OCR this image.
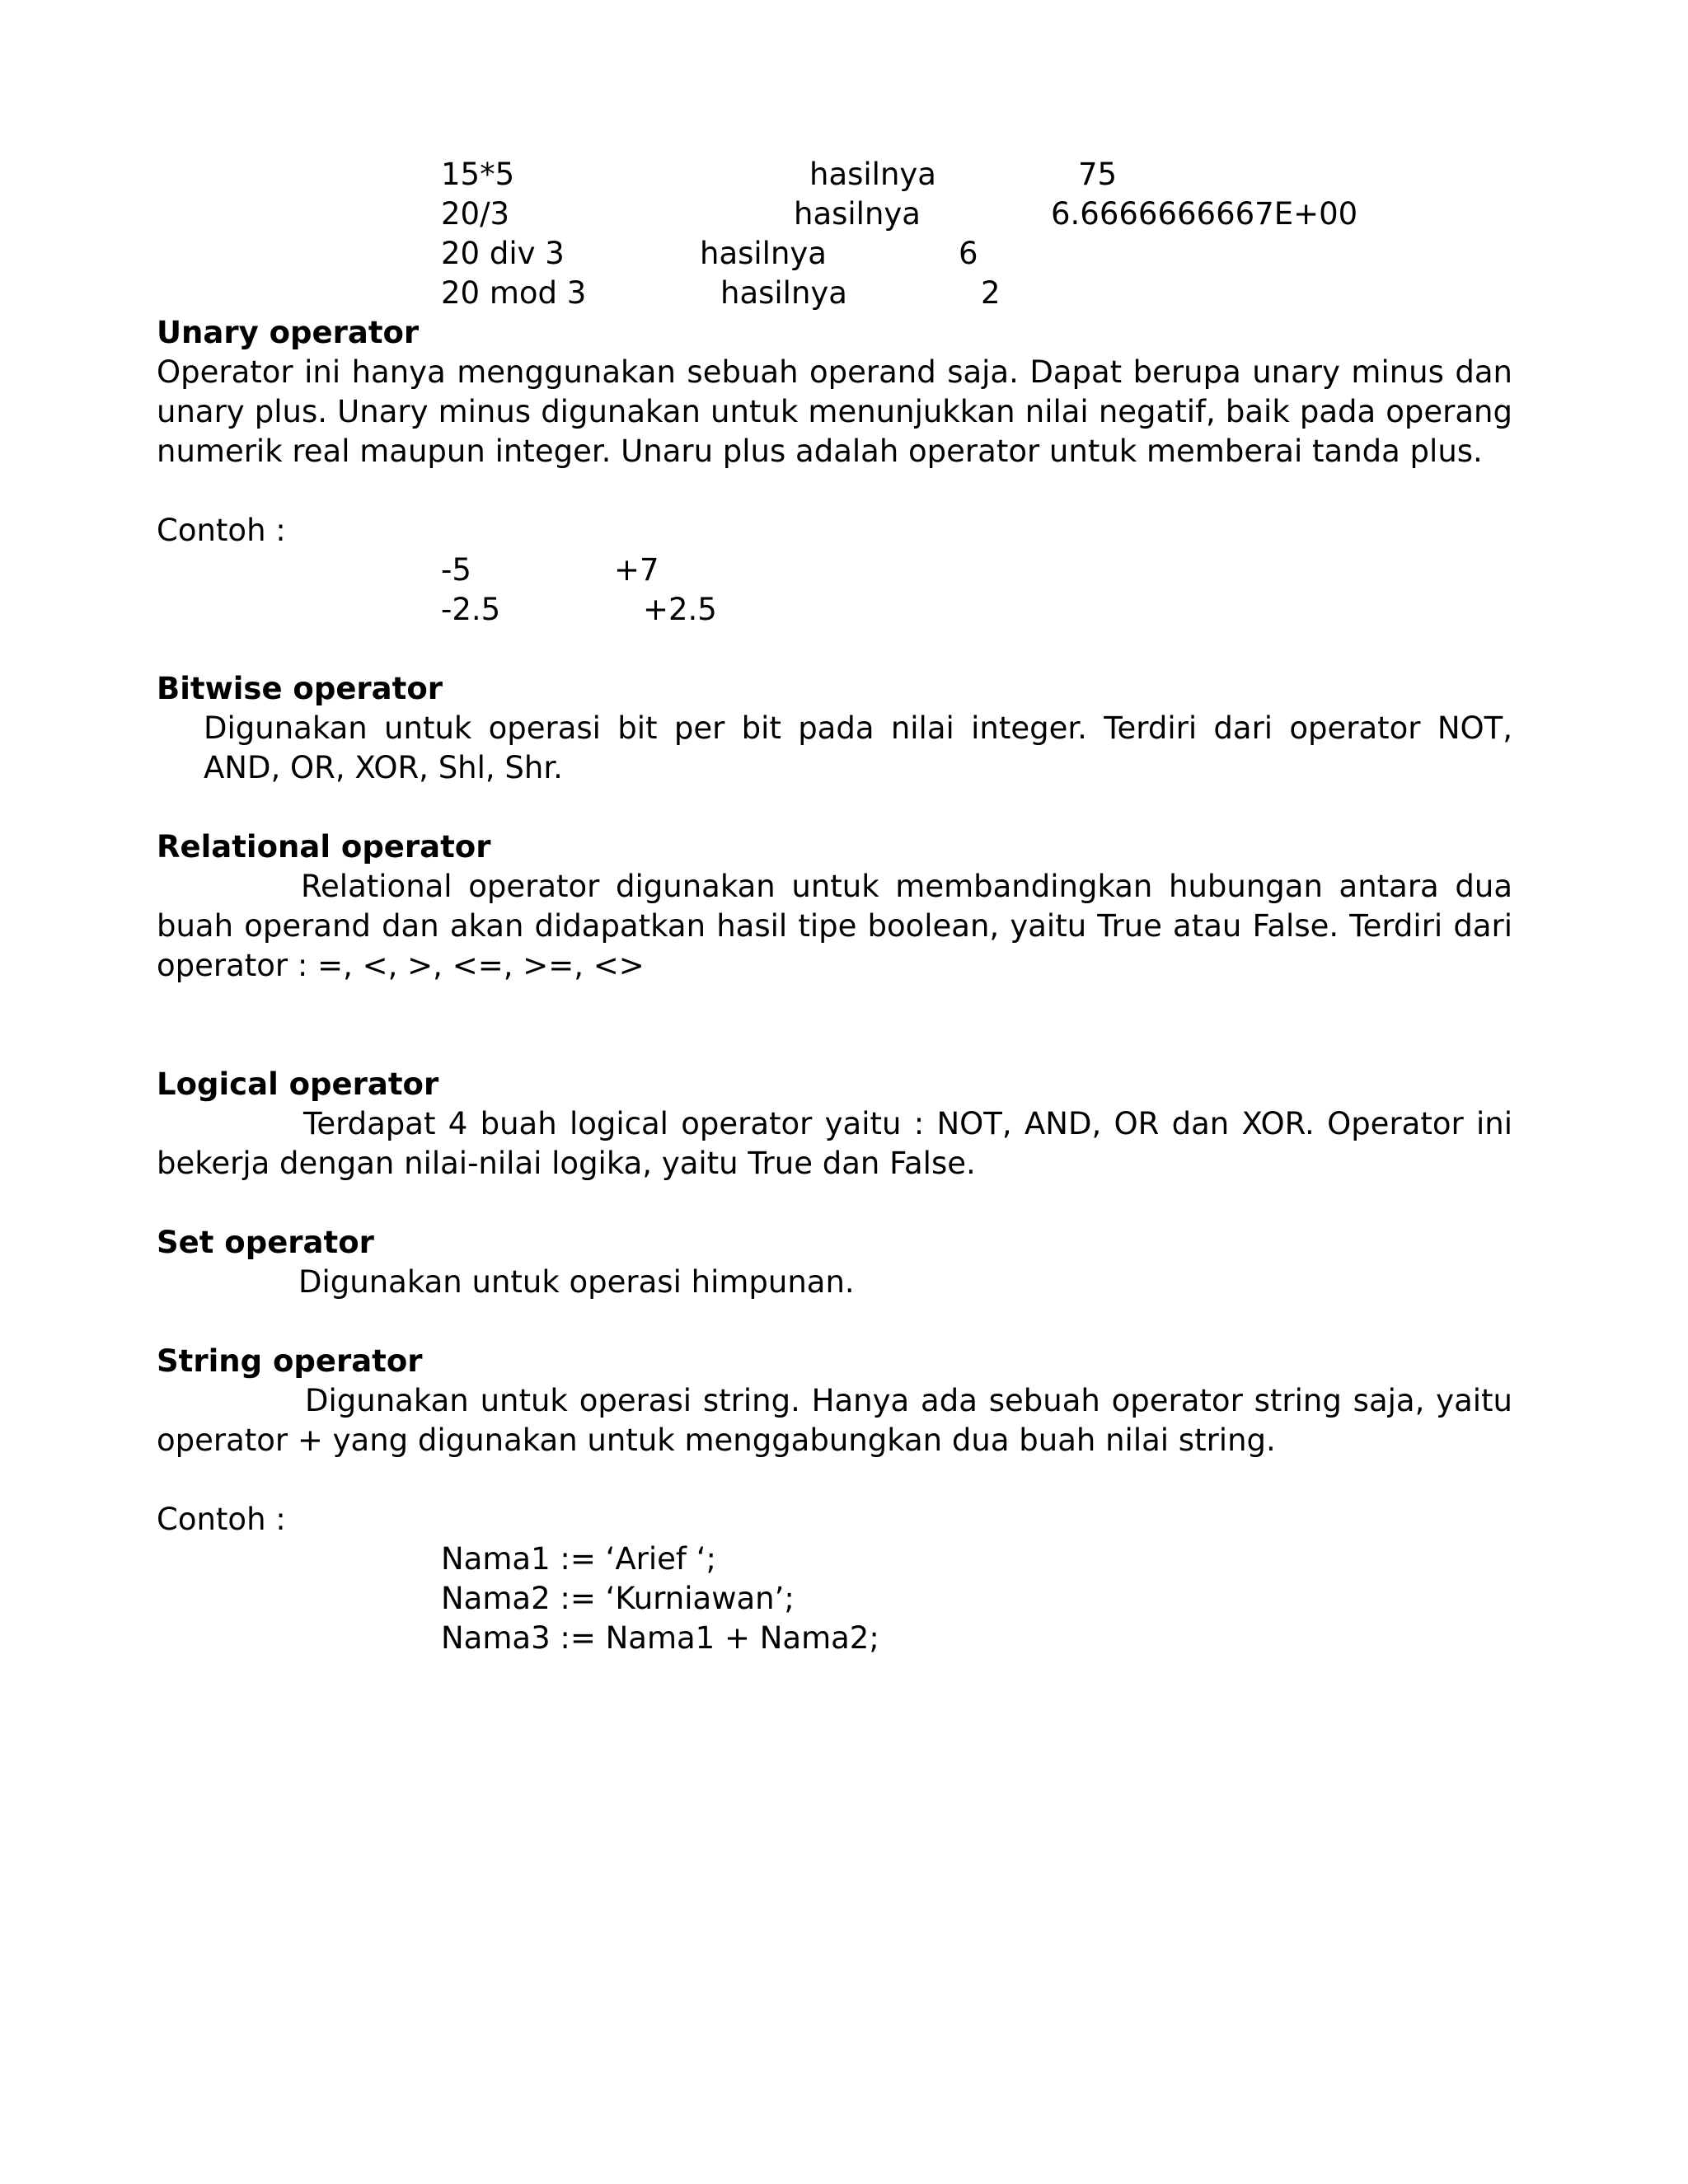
15*5	hasilnya	75
20/3	hasilnya	6.6666666667E+00
20 div 3	hasilnya	6
20 mod 3	hasilnya	2
Unary operator
Operator ini hanya menggunakan sebuah operand saja. Dapat berupa unary minus dan unary plus. Unary minus digunakan untuk menunjukkan nilai negatif, baik pada operang numerik real maupun integer. Unaru plus adalah operator untuk memberai tanda plus.
Contoh :
-5	+7
-2.5	+2.5
Bitwise operator
Digunakan untuk operasi bit per bit pada nilai integer. Terdiri dari operator NOT, AND, OR, XOR, Shl, Shr.
Relational operator
Relational operator digunakan untuk membandingkan hubungan antara dua buah operand dan akan didapatkan hasil tipe boolean, yaitu True atau False. Terdiri dari operator : =, <, >, <=, >=, <>
Logical operator
Terdapat 4 buah logical operator yaitu : NOT, AND, OR dan XOR. Operator ini bekerja dengan nilai-nilai logika, yaitu True dan False.
Set operator
Digunakan untuk operasi himpunan.
String operator
Digunakan untuk operasi string. Hanya ada sebuah operator string saja, yaitu operator + yang digunakan untuk menggabungkan dua buah nilai string.
Contoh :
Nama1 := ‘Arief ‘;
Nama2 := ‘Kurniawan’;
Nama3 := Nama1 + Nama2;
